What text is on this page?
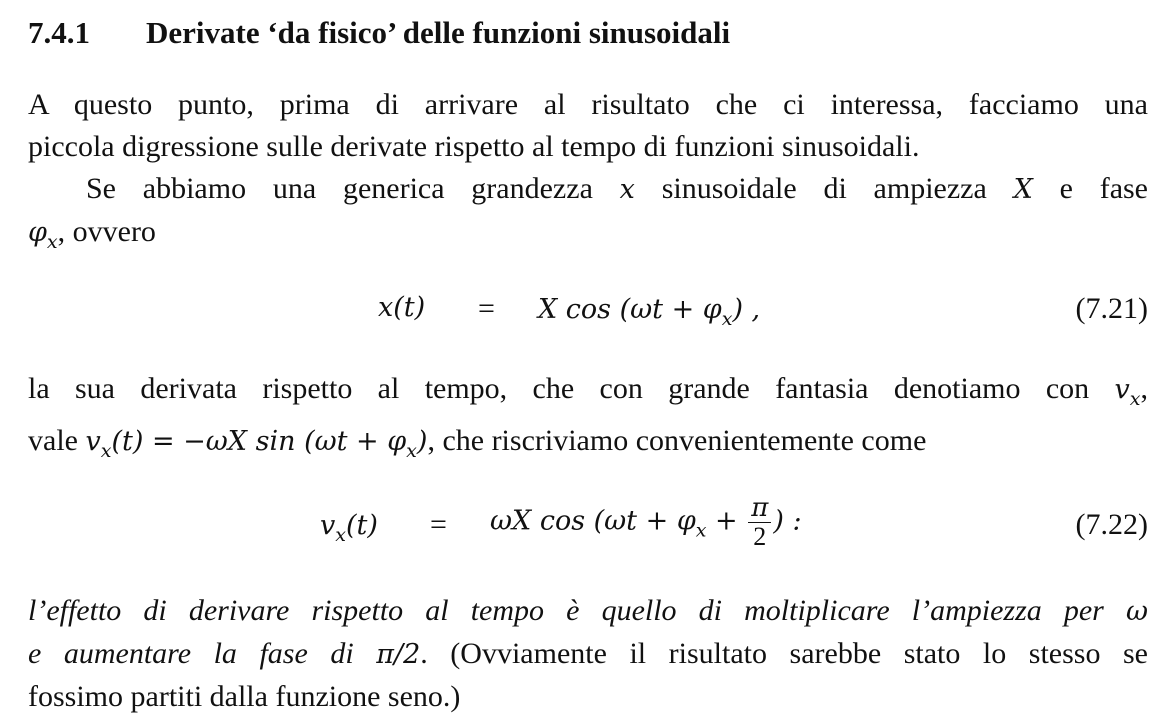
7.4.1 Derivate ‘da fisico’ delle funzioni sinusoidali
A questo punto, prima di arrivare al risultato che ci interessa, facciamo una
piccola digressione sulle derivate rispetto al tempo di funzioni sinusoidali.
Se abbiamo una generica grandezza x sinusoidale di ampiezza X e fase
$\varphi_x$, ovvero
x(t) = X $\cos (\omega t + \varphi_x)$ ,	(7.21)
la sua derivata rispetto al tempo, che con grande fantasia denotiamo con $v_x$,
vale $v_x(t) = -\omega X$ $\sin (\omega t + \varphi_x)$, che riscriviamo convenientemente come
$v_x(t) = \omega X$ $\cos (\omega t + \varphi_x + \frac{\pi}{2}$ ) :	(7.22)
l’effetto di derivare rispetto al tempo è quello di moltiplicare l’ampiezza per ω
e aumentare la fase di π/2. (Ovviamente il risultato sarebbe stato lo stesso se
fossimo partiti dalla funzione seno.)
